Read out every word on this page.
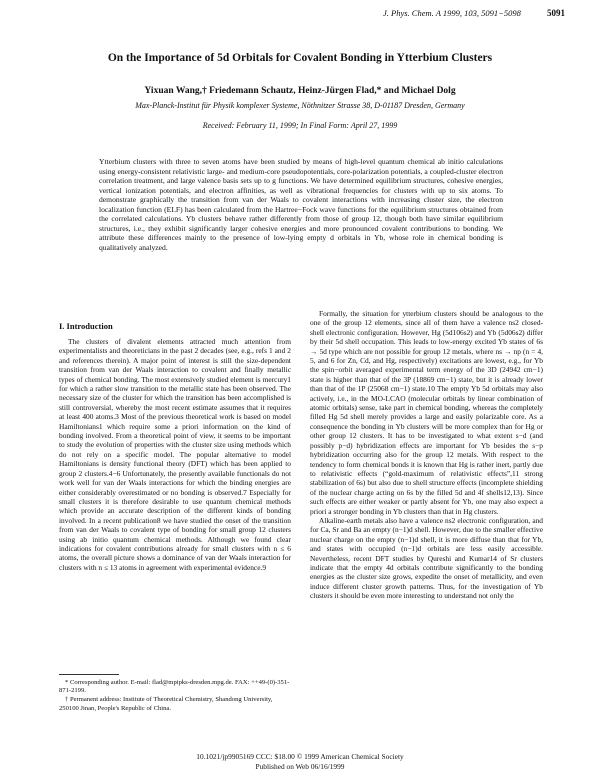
J. Phys. Chem. A 1999, 103, 5091−5098	5091
On the Importance of 5d Orbitals for Covalent Bonding in Ytterbium Clusters
Yixuan Wang,† Friedemann Schautz, Heinz-Jürgen Flad,* and Michael Dolg
Max-Planck-Institut für Physik komplexer Systeme, Nöthnitzer Strasse 38, D-01187 Dresden, Germany
Received: February 11, 1999; In Final Form: April 27, 1999
Ytterbium clusters with three to seven atoms have been studied by means of high-level quantum chemical ab initio calculations using energy-consistent relativistic large- and medium-core pseudopotentials, core-polarization potentials, a coupled-cluster electron correlation treatment, and large valence basis sets up to g functions. We have determined equilibrium structures, cohesive energies, vertical ionization potentials, and electron affinities, as well as vibrational frequencies for clusters with up to six atoms. To demonstrate graphically the transition from van der Waals to covalent interactions with increasing cluster size, the electron localization function (ELF) has been calculated from the Hartree−Fock wave functions for the equilibrium structures obtained from the correlated calculations. Yb clusters behave rather differently from those of group 12, though both have similar equilibrium structures, i.e., they exhibit significantly larger cohesive energies and more pronounced covalent contributions to bonding. We attribute these differences mainly to the presence of low-lying empty d orbitals in Yb, whose role in chemical bonding is qualitatively analyzed.
I. Introduction

The clusters of divalent elements attracted much attention from experimentalists and theoreticians in the past 2 decades (see, e.g., refs 1 and 2 and references therein). A major point of interest is still the size-dependent transition from van der Waals interaction to covalent and finally metallic types of chemical bonding. The most extensively studied element is mercury1 for which a rather slow transition to the metallic state has been observed. The necessary size of the cluster for which the transition has been accomplished is still controversial, whereby the most recent estimate assumes that it requires at least 400 atoms.3 Most of the previous theoretical work is based on model Hamiltonians1 which require some a priori information on the kind of bonding involved. From a theoretical point of view, it seems to be important to study the evolution of properties with the cluster size using methods which do not rely on a specific model. The popular alternative to model Hamiltonians is density functional theory (DFT) which has been applied to group 2 clusters.4−6 Unfortunately, the presently available functionals do not work well for van der Waals interactions for which the binding energies are either considerably overestimated or no bonding is observed.7 Especially for small clusters it is therefore desirable to use quantum chemical methods which provide an accurate description of the different kinds of bonding involved. In a recent publication8 we have studied the onset of the transition from van der Waals to covalent type of bonding for small group 12 clusters using ab initio quantum chemical methods. Although we found clear indications for covalent contributions already for small clusters with n ≤ 6 atoms, the overall picture shows a dominance of van der Waals interaction for clusters with n ≤ 13 atoms in agreement with experimental evidence.9

* Corresponding author. E-mail: flad@mpipks-dresden.mpg.de. FAX: ++49-(0)-351-871-2199.

† Permanent address: Institute of Theoretical Chemistry, Shandong University, 250100 Jinan, People's Republic of China.

Formally, the situation for ytterbium clusters should be analogous to the one of the group 12 elements, since all of them have a valence ns2 closed-shell electronic configuration. However, Hg (5d106s2) and Yb (5d06s2) differ by their 5d shell occupation. This leads to low-energy excited Yb states of 6s → 5d type which are not possible for group 12 metals, where ns → np (n = 4, 5, and 6 for Zn, Cd, and Hg, respectively) excitations are lowest, e.g., for Yb the spin−orbit averaged experimental term energy of the 3D (24942 cm−1) state is higher than that of the 3P (18869 cm−1) state, but it is already lower than that of the 1P (25068 cm−1) state.10 The empty Yb 5d orbitals may also actively, i.e., in the MO-LCAO (molecular orbitals by linear combination of atomic orbitals) sense, take part in chemical bonding, whereas the completely filled Hg 5d shell merely provides a large and easily polarizable core. As a consequence the bonding in Yb clusters will be more complex than for Hg or other group 12 clusters. It has to be investigated to what extent s−d (and possibly p−d) hybridization effects are important for Yb besides the s−p hybridization occurring also for the group 12 metals. With respect to the tendency to form chemical bonds it is known that Hg is rather inert, partly due to relativistic effects (“gold-maximum of relativistic effects”,11 strong stabilization of 6s) but also due to shell structure effects (incomplete shielding of the nuclear charge acting on 6s by the filled 5d and 4f shells12,13). Since such effects are either weaker or partly absent for Yb, one may also expect a priori a stronger bonding in Yb clusters than that in Hg clusters.

Alkaline-earth metals also have a valence ns2 electronic configuration, and for Ca, Sr and Ba an empty (n−1)d shell. However, due to the smaller effective nuclear charge on the empty (n−1)d shell, it is more diffuse than that for Yb, and states with occupied (n−1)d orbitals are less easily accessible. Nevertheless, recent DFT studies by Qureshi and Kumar14 of Sr clusters indicate that the empty 4d orbitals contribute significantly to the bonding energies as the cluster size grows, expedite the onset of metallicity, and even induce different cluster growth patterns. Thus, for the investigation of Yb clusters it should be even more interesting to understand not only the

10.1021/jp9905169 CCC: $18.00 © 1999 American Chemical Society
Published on Web 06/16/1999
